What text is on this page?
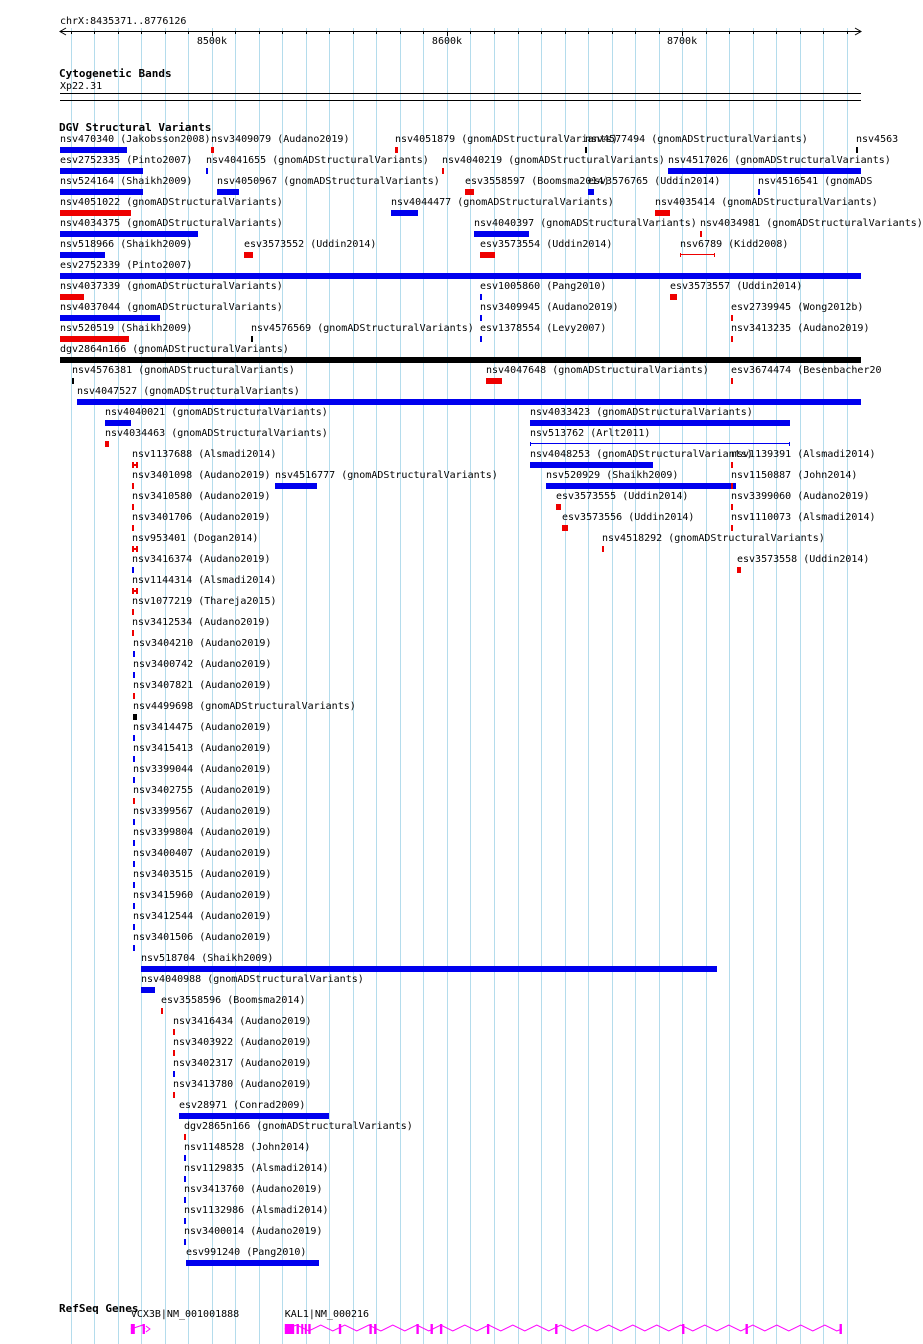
chrX:8435371..8776126
8500k	8600k	8700k
Cytogenetic Bands
Xp22.31
DGV Structural Variants
nsv470340 (Jakobsson2008) nsv3409079 (Audano2019)	nsv4051879 (gnomADStructuralVariants)
nsv4577494 (gnomADStructuralVariants)	nsv4563
esv2752335 (Pinto2007) nsv4041655 (gnomADStructuralVariants) nsv4040219 (gnomADStructuralVariants) nsv4517026 (gnomADStructuralVariants)
nsv524164 (Shaikh2009) nsv4050967 (gnomADStructuralVariants)	esv3558597 (Boomsma2014)
esv3576765 (Uddin2014)	nsv4516541 (gnomADS
nsv4051022 (gnomADStructuralVariants)	nsv4044477 (gnomADStructuralVariants)	nsv4035414 (gnomADStructuralVariants)
nsv4034375 (gnomADStructuralVariants)	nsv4040397 (gnomADStructuralVariants) nsv4034981 (gnomADStructuralVariants)
nsv518966 (Shaikh2009)	esv3573552 (Uddin2014)	esv3573554 (Uddin2014)	nsv6789 (Kidd2008)
esv2752339 (Pinto2007)
nsv4037339 (gnomADStructuralVariants)	esv1005860 (Pang2010)	esv3573557 (Uddin2014)
nsv4037044 (gnomADStructuralVariants)	nsv3409945 (Audano2019)	esv2739945 (Wong2012b)
nsv520519 (Shaikh2009)	nsv4576569 (gnomADStructuralVariants) esv1378554 (Levy2007)	nsv3413235 (Audano2019)
dgv2864n166 (gnomADStructuralVariants)
nsv4576381 (gnomADStructuralVariants)	nsv4047648 (gnomADStructuralVariants) esv3674474 (Besenbacher20
nsv4047527 (gnomADStructuralVariants)
nsv4040021 (gnomADStructuralVariants)	nsv4033423 (gnomADStructuralVariants)
nsv4034463 (gnomADStructuralVariants)	nsv513762 (Arlt2011)
nsv1137688 (Alsmadi2014)	nsv4048253 (gnomADStructuralVariants)
nsv1139391 (Alsmadi2014)
nsv3401098 (Audano2019) nsv4516777 (gnomADStructuralVariants)	nsv520929 (Shaikh2009)	nsv1150887 (John2014)
nsv3410580 (Audano2019)	esv3573555 (Uddin2014)	nsv3399060 (Audano2019)
nsv3401706 (Audano2019)	esv3573556 (Uddin2014)	nsv1110073 (Alsmadi2014)
nsv953401 (Dogan2014)	nsv4518292 (gnomADStructuralVariants)
nsv3416374 (Audano2019)	esv3573558 (Uddin2014)
nsv1144314 (Alsmadi2014)
nsv1077219 (Thareja2015)
nsv3412534 (Audano2019)
nsv3404210 (Audano2019)
nsv3400742 (Audano2019)
nsv3407821 (Audano2019)
nsv4499698 (gnomADStructuralVariants)
nsv3414475 (Audano2019)
nsv3415413 (Audano2019)
nsv3399044 (Audano2019)
nsv3402755 (Audano2019)
nsv3399567 (Audano2019)
nsv3399804 (Audano2019)
nsv3400407 (Audano2019)
nsv3403515 (Audano2019)
nsv3415960 (Audano2019)
nsv3412544 (Audano2019)
nsv3401506 (Audano2019)
nsv518704 (Shaikh2009)
nsv4040988 (gnomADStructuralVariants)
esv3558596 (Boomsma2014)
nsv3416434 (Audano2019)
nsv3403922 (Audano2019)
nsv3402317 (Audano2019)
nsv3413780 (Audano2019)
esv28971 (Conrad2009)
dgv2865n166 (gnomADStructuralVariants)
nsv1148528 (John2014)
nsv1129835 (Alsmadi2014)
nsv3413760 (Audano2019)
nsv1132986 (Alsmadi2014)
nsv3400014 (Audano2019)
esv991240 (Pang2010)
RefSeq Genes
VCX3B|NM_001001888	KAL1|NM_000216
